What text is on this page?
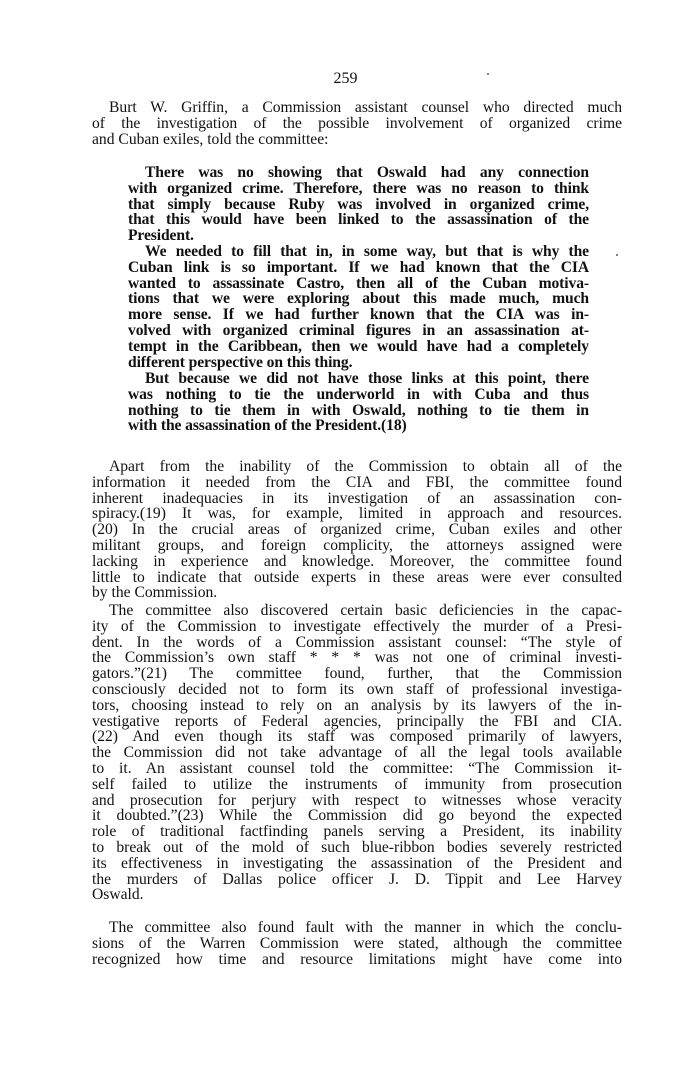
259
Burt W. Griffin, a Commission assistant counsel who directed much
of the investigation of the possible involvement of organized crime
and Cuban exiles, told the committee:
There was no showing that Oswald had any connection
with organized crime. Therefore, there was no reason to think
that simply because Ruby was involved in organized crime,
that this would have been linked to the assassination of the
President.
We needed to fill that in, in some way, but that is why the
Cuban link is so important. If we had known that the CIA
wanted to assassinate Castro, then all of the Cuban motiva-
tions that we were exploring about this made much, much
more sense. If we had further known that the CIA was in-
volved with organized criminal figures in an assassination at-
tempt in the Caribbean, then we would have had a completely
different perspective on this thing.
But because we did not have those links at this point, there
was nothing to tie the underworld in with Cuba and thus
nothing to tie them in with Oswald, nothing to tie them in
with the assassination of the President.(18)
Apart from the inability of the Commission to obtain all of the
information it needed from the CIA and FBI, the committee found
inherent inadequacies in its investigation of an assassination con-
spiracy.(19) It was, for example, limited in approach and resources.
(20) In the crucial areas of organized crime, Cuban exiles and other
militant groups, and foreign complicity, the attorneys assigned were
lacking in experience and knowledge. Moreover, the committee found
little to indicate that outside experts in these areas were ever consulted
by the Commission.
The committee also discovered certain basic deficiencies in the capac-
ity of the Commission to investigate effectively the murder of a Presi-
dent. In the words of a Commission assistant counsel: “The style of
the Commission’s own staff * * * was not one of criminal investi-
gators.”(21) The committee found, further, that the Commission
consciously decided not to form its own staff of professional investiga-
tors, choosing instead to rely on an analysis by its lawyers of the in-
vestigative reports of Federal agencies, principally the FBI and CIA.
(22) And even though its staff was composed primarily of lawyers,
the Commission did not take advantage of all the legal tools available
to it. An assistant counsel told the committee: “The Commission it-
self failed to utilize the instruments of immunity from prosecution
and prosecution for perjury with respect to witnesses whose veracity
it doubted.”(23) While the Commission did go beyond the expected
role of traditional factfinding panels serving a President, its inability
to break out of the mold of such blue-ribbon bodies severely restricted
its effectiveness in investigating the assassination of the President and
the murders of Dallas police officer J. D. Tippit and Lee Harvey
Oswald.
The committee also found fault with the manner in which the conclu-
sions of the Warren Commission were stated, although the committee
recognized how time and resource limitations might have come into
